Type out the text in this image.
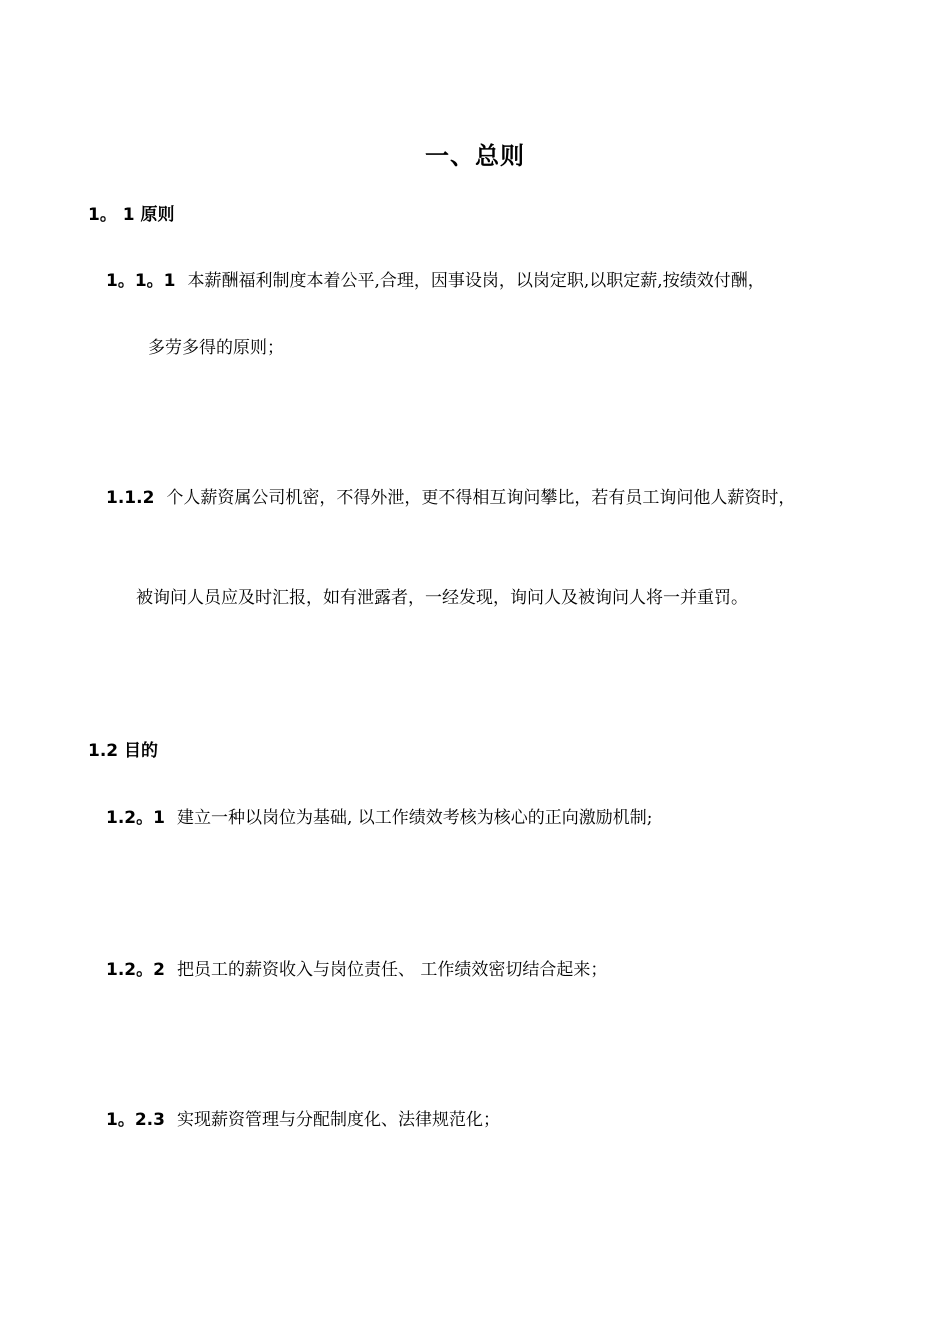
一、总则
1。 1 原则
1。1。1 本薪酬福利制度本着公平,合理，因事设岗，以岗定职,以职定薪,按绩效付酬，
多劳多得的原则；
1.1.2 个人薪资属公司机密，不得外泄，更不得相互询问攀比，若有员工询问他人薪资时，
被询问人员应及时汇报，如有泄露者，一经发现，询问人及被询问人将一并重罚。
1.2 目的
1.2。1 建立一种以岗位为基础, 以工作绩效考核为核心的正向激励机制;
1.2。2 把员工的薪资收入与岗位责任、 工作绩效密切结合起来；
1。2.3 实现薪资管理与分配制度化、法律规范化；
